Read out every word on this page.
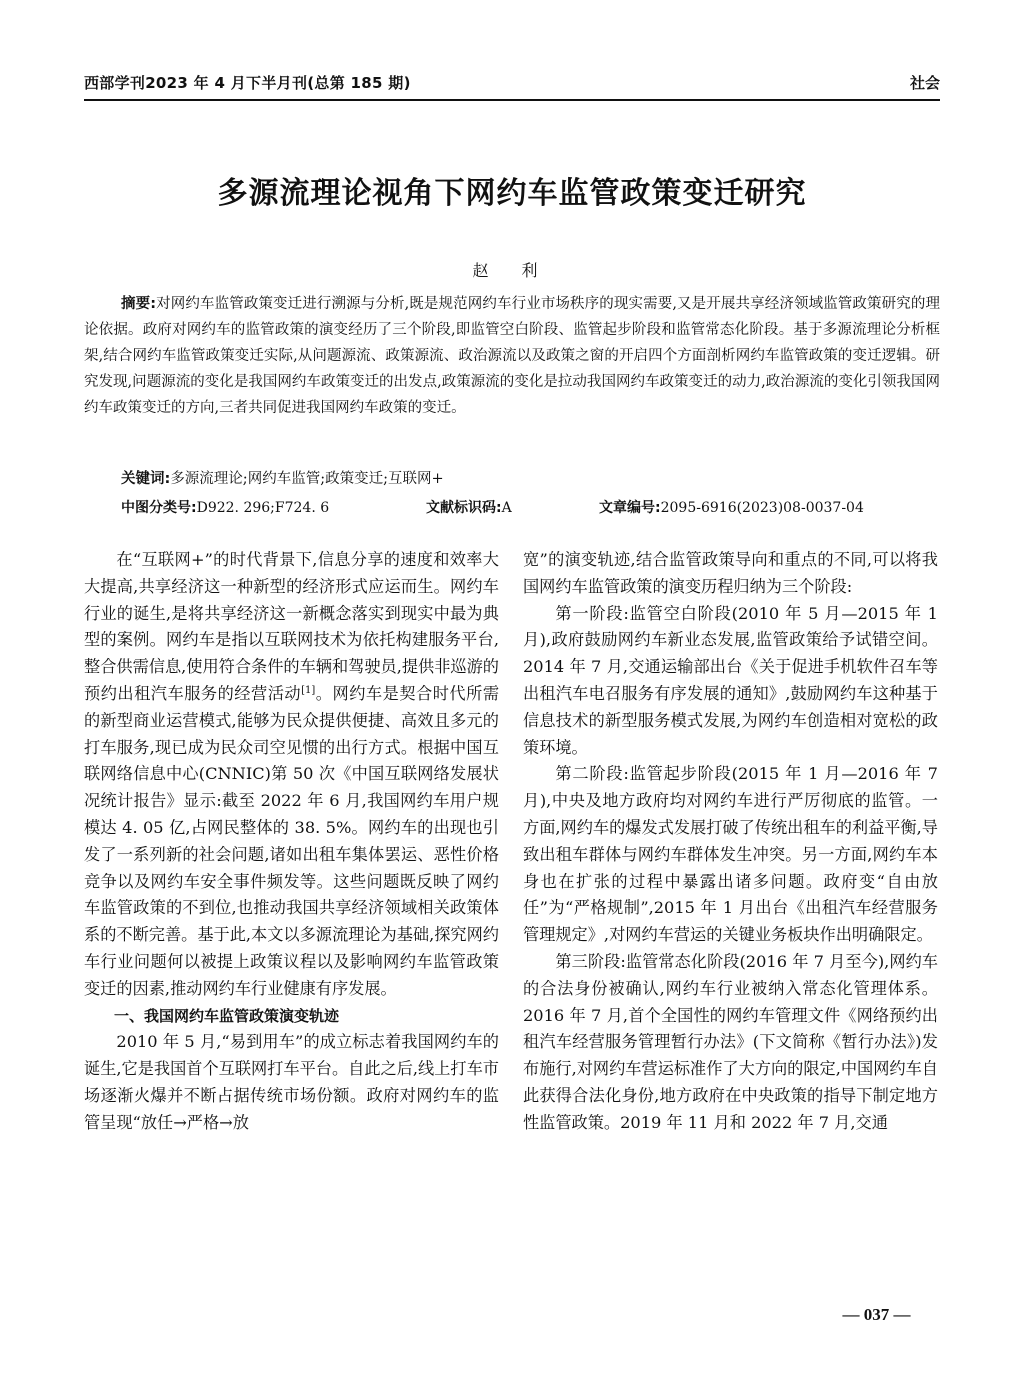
西部学刊2023 年 4 月下半月刊(总第 185 期)	社会
多源流理论视角下网约车监管政策变迁研究
赵 利
摘要:对网约车监管政策变迁进行溯源与分析,既是规范网约车行业市场秩序的现实需要,又是开展共享经济领域监管政策研究的理论依据。政府对网约车的监管政策的演变经历了三个阶段,即监管空白阶段、监管起步阶段和监管常态化阶段。基于多源流理论分析框架,结合网约车监管政策变迁实际,从问题源流、政策源流、政治源流以及政策之窗的开启四个方面剖析网约车监管政策的变迁逻辑。研究发现,问题源流的变化是我国网约车政策变迁的出发点,政策源流的变化是拉动我国网约车政策变迁的动力,政治源流的变化引领我国网约车政策变迁的方向,三者共同促进我国网约车政策的变迁。
关键词:多源流理论;网约车监管;政策变迁;互联网+
中图分类号:D922. 296;F724. 6	文献标识码:A	文章编号:2095-6916(2023)08-0037-04

在“互联网+”的时代背景下,信息分享的速度和效率大大提高,共享经济这一种新型的经济形式应运而生。网约车行业的诞生,是将共享经济这一新概念落实到现实中最为典型的案例。网约车是指以互联网技术为依托构建服务平台,整合供需信息,使用符合条件的车辆和驾驶员,提供非巡游的预约出租汽车服务的经营活动[1]。网约车是契合时代所需的新型商业运营模式,能够为民众提供便捷、高效且多元的打车服务,现已成为民众司空见惯的出行方式。根据中国互联网络信息中心(CNNIC)第 50 次《中国互联网络发展状况统计报告》显示:截至 2022 年 6 月,我国网约车用户规模达 4. 05 亿,占网民整体的 38. 5%。网约车的出现也引发了一系列新的社会问题,诸如出租车集体罢运、恶性价格竞争以及网约车安全事件频发等。这些问题既反映了网约车监管政策的不到位,也推动我国共享经济领域相关政策体系的不断完善。基于此,本文以多源流理论为基础,探究网约车行业问题何以被提上政策议程以及影响网约车监管政策变迁的因素,推动网约车行业健康有序发展。

一、我国网约车监管政策演变轨迹

2010 年 5 月,“易到用车”的成立标志着我国网约车的诞生,它是我国首个互联网打车平台。自此之后,线上打车市场逐渐火爆并不断占据传统市场份额。政府对网约车的监管呈现“放任→严格→放

宽”的演变轨迹,结合监管政策导向和重点的不同,可以将我国网约车监管政策的演变历程归纳为三个阶段:

第一阶段:监管空白阶段(2010 年 5 月—2015 年 1 月),政府鼓励网约车新业态发展,监管政策给予试错空间。2014 年 7 月,交通运输部出台《关于促进手机软件召车等出租汽车电召服务有序发展的通知》,鼓励网约车这种基于信息技术的新型服务模式发展,为网约车创造相对宽松的政策环境。

第二阶段:监管起步阶段(2015 年 1 月—2016 年 7 月),中央及地方政府均对网约车进行严厉彻底的监管。一方面,网约车的爆发式发展打破了传统出租车的利益平衡,导致出租车群体与网约车群体发生冲突。另一方面,网约车本身也在扩张的过程中暴露出诸多问题。政府变“自由放任”为“严格规制”,2015 年 1 月出台《出租汽车经营服务管理规定》,对网约车营运的关键业务板块作出明确限定。

第三阶段:监管常态化阶段(2016 年 7 月至今),网约车的合法身份被确认,网约车行业被纳入常态化管理体系。2016 年 7 月,首个全国性的网约车管理文件《网络预约出租汽车经营服务管理暂行办法》(下文简称《暂行办法》)发布施行,对网约车营运标准作了大方向的限定,中国网约车自此获得合法化身份,地方政府在中央政策的指导下制定地方性监管政策。2019 年 11 月和 2022 年 7 月,交通

— 037 —
